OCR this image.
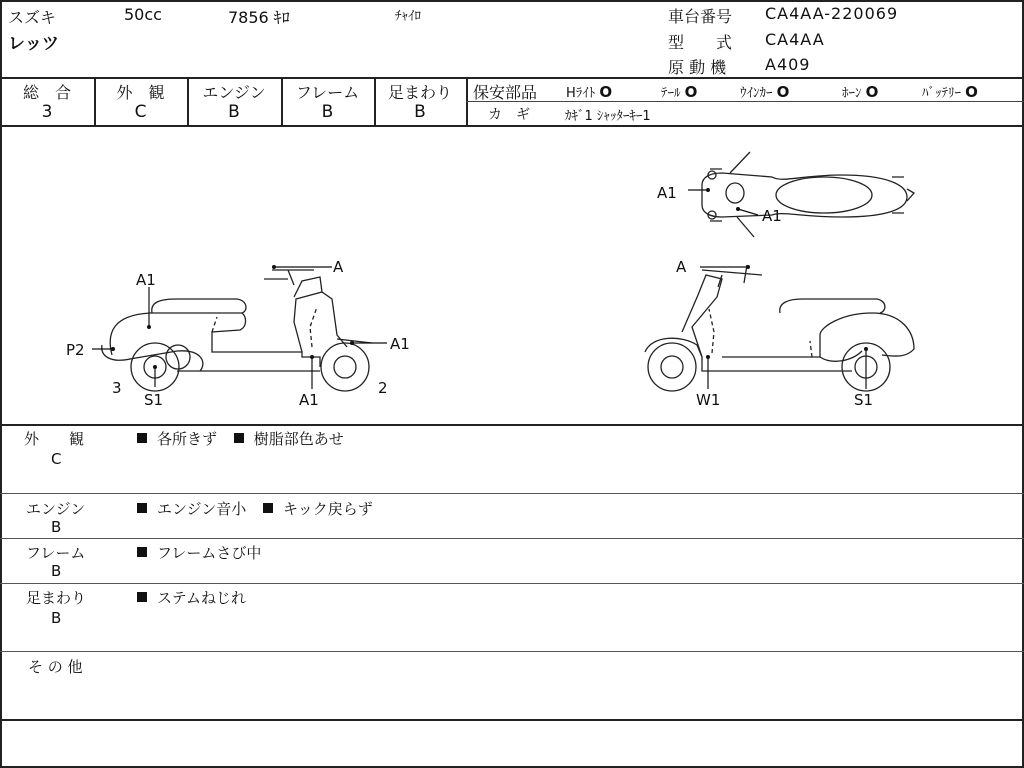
スズキ	50cc	7856 ｷﾛ	ﾁｬｲﾛ
レッツ
車台番号 CA4AA-220069
型　　式 CA4AA
原 動 機 A409
総　合
3
外　観
C
エンジン
B
フレーム
B
足まわり
B
保安部品 Hﾗｲﾄ O	ﾃｰﾙ O	ｳｲﾝｶｰ O	ﾎｰﾝ O	ﾊﾞｯﾃﾘｰ O
カ　ギ	ｶｷﾞ1 ｼｬｯﾀｰｷｰ1
A1
A
P2	A1
3
S1	A1
2
A1
A1
A
W1	S1
外　　観
C
各所きず 樹脂部色あせ
エンジン
B
エンジン音小 キック戻らず
フレーム
B
フレームさび中
足まわり
B
ステムねじれ
そ の 他
